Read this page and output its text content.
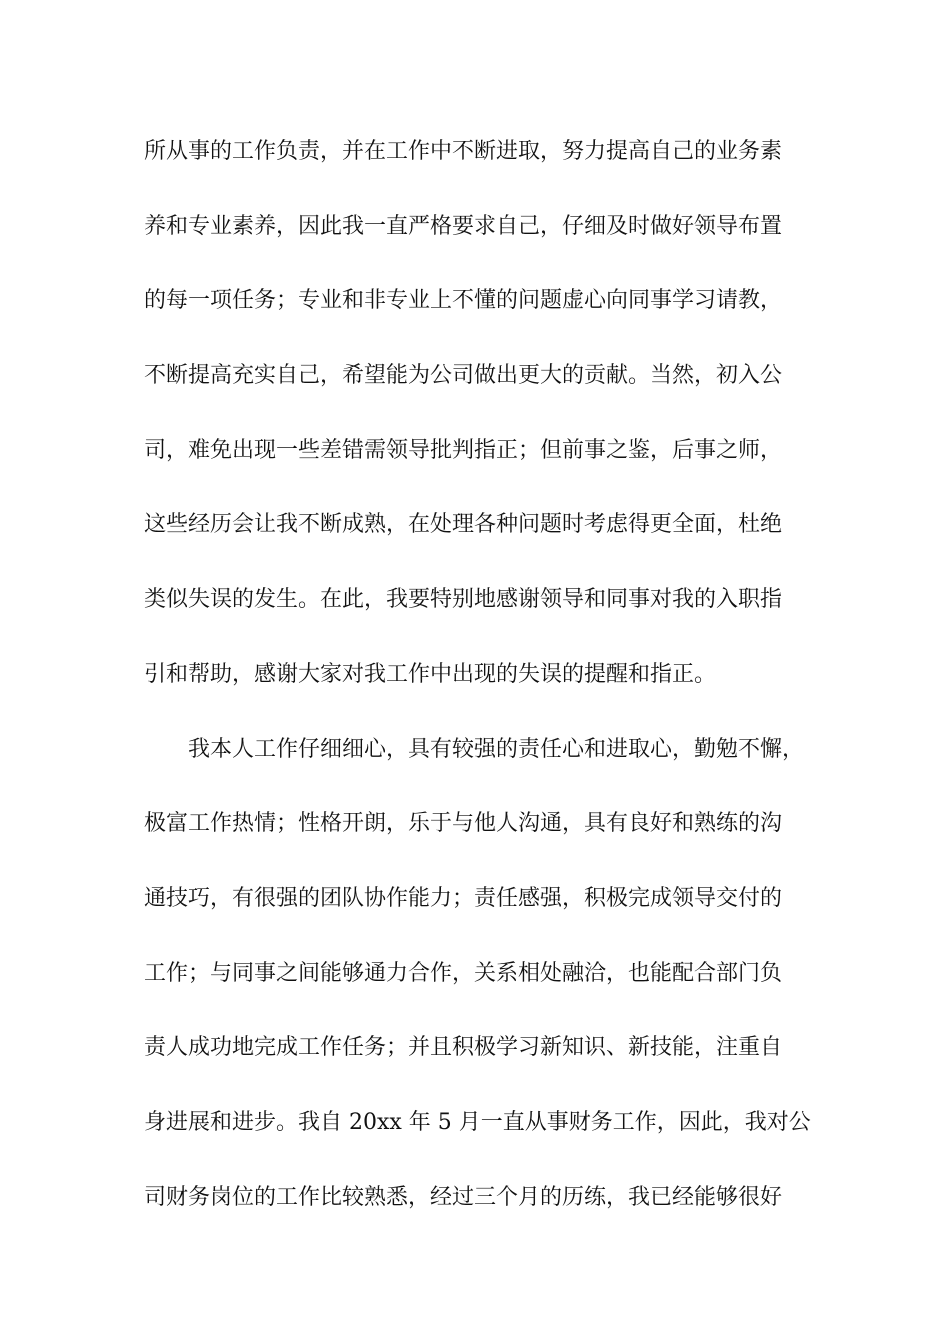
所从事的工作负责，并在工作中不断进取，努力提高自己的业务素
养和专业素养，因此我一直严格要求自己，仔细及时做好领导布置
的每一项任务；专业和非专业上不懂的问题虚心向同事学习请教，
不断提高充实自己，希望能为公司做出更大的贡献。当然，初入公
司，难免出现一些差错需领导批判指正；但前事之鉴，后事之师，
这些经历会让我不断成熟，在处理各种问题时考虑得更全面，杜绝
类似失误的发生。在此，我要特别地感谢领导和同事对我的入职指
引和帮助，感谢大家对我工作中出现的失误的提醒和指正。
我本人工作仔细细心，具有较强的责任心和进取心，勤勉不懈，
极富工作热情；性格开朗，乐于与他人沟通，具有良好和熟练的沟
通技巧，有很强的团队协作能力；责任感强，积极完成领导交付的
工作；与同事之间能够通力合作，关系相处融洽，也能配合部门负
责人成功地完成工作任务；并且积极学习新知识、新技能，注重自
身进展和进步。我自 20xx 年 5 月一直从事财务工作，因此，我对公
司财务岗位的工作比较熟悉，经过三个月的历练，我已经能够很好
